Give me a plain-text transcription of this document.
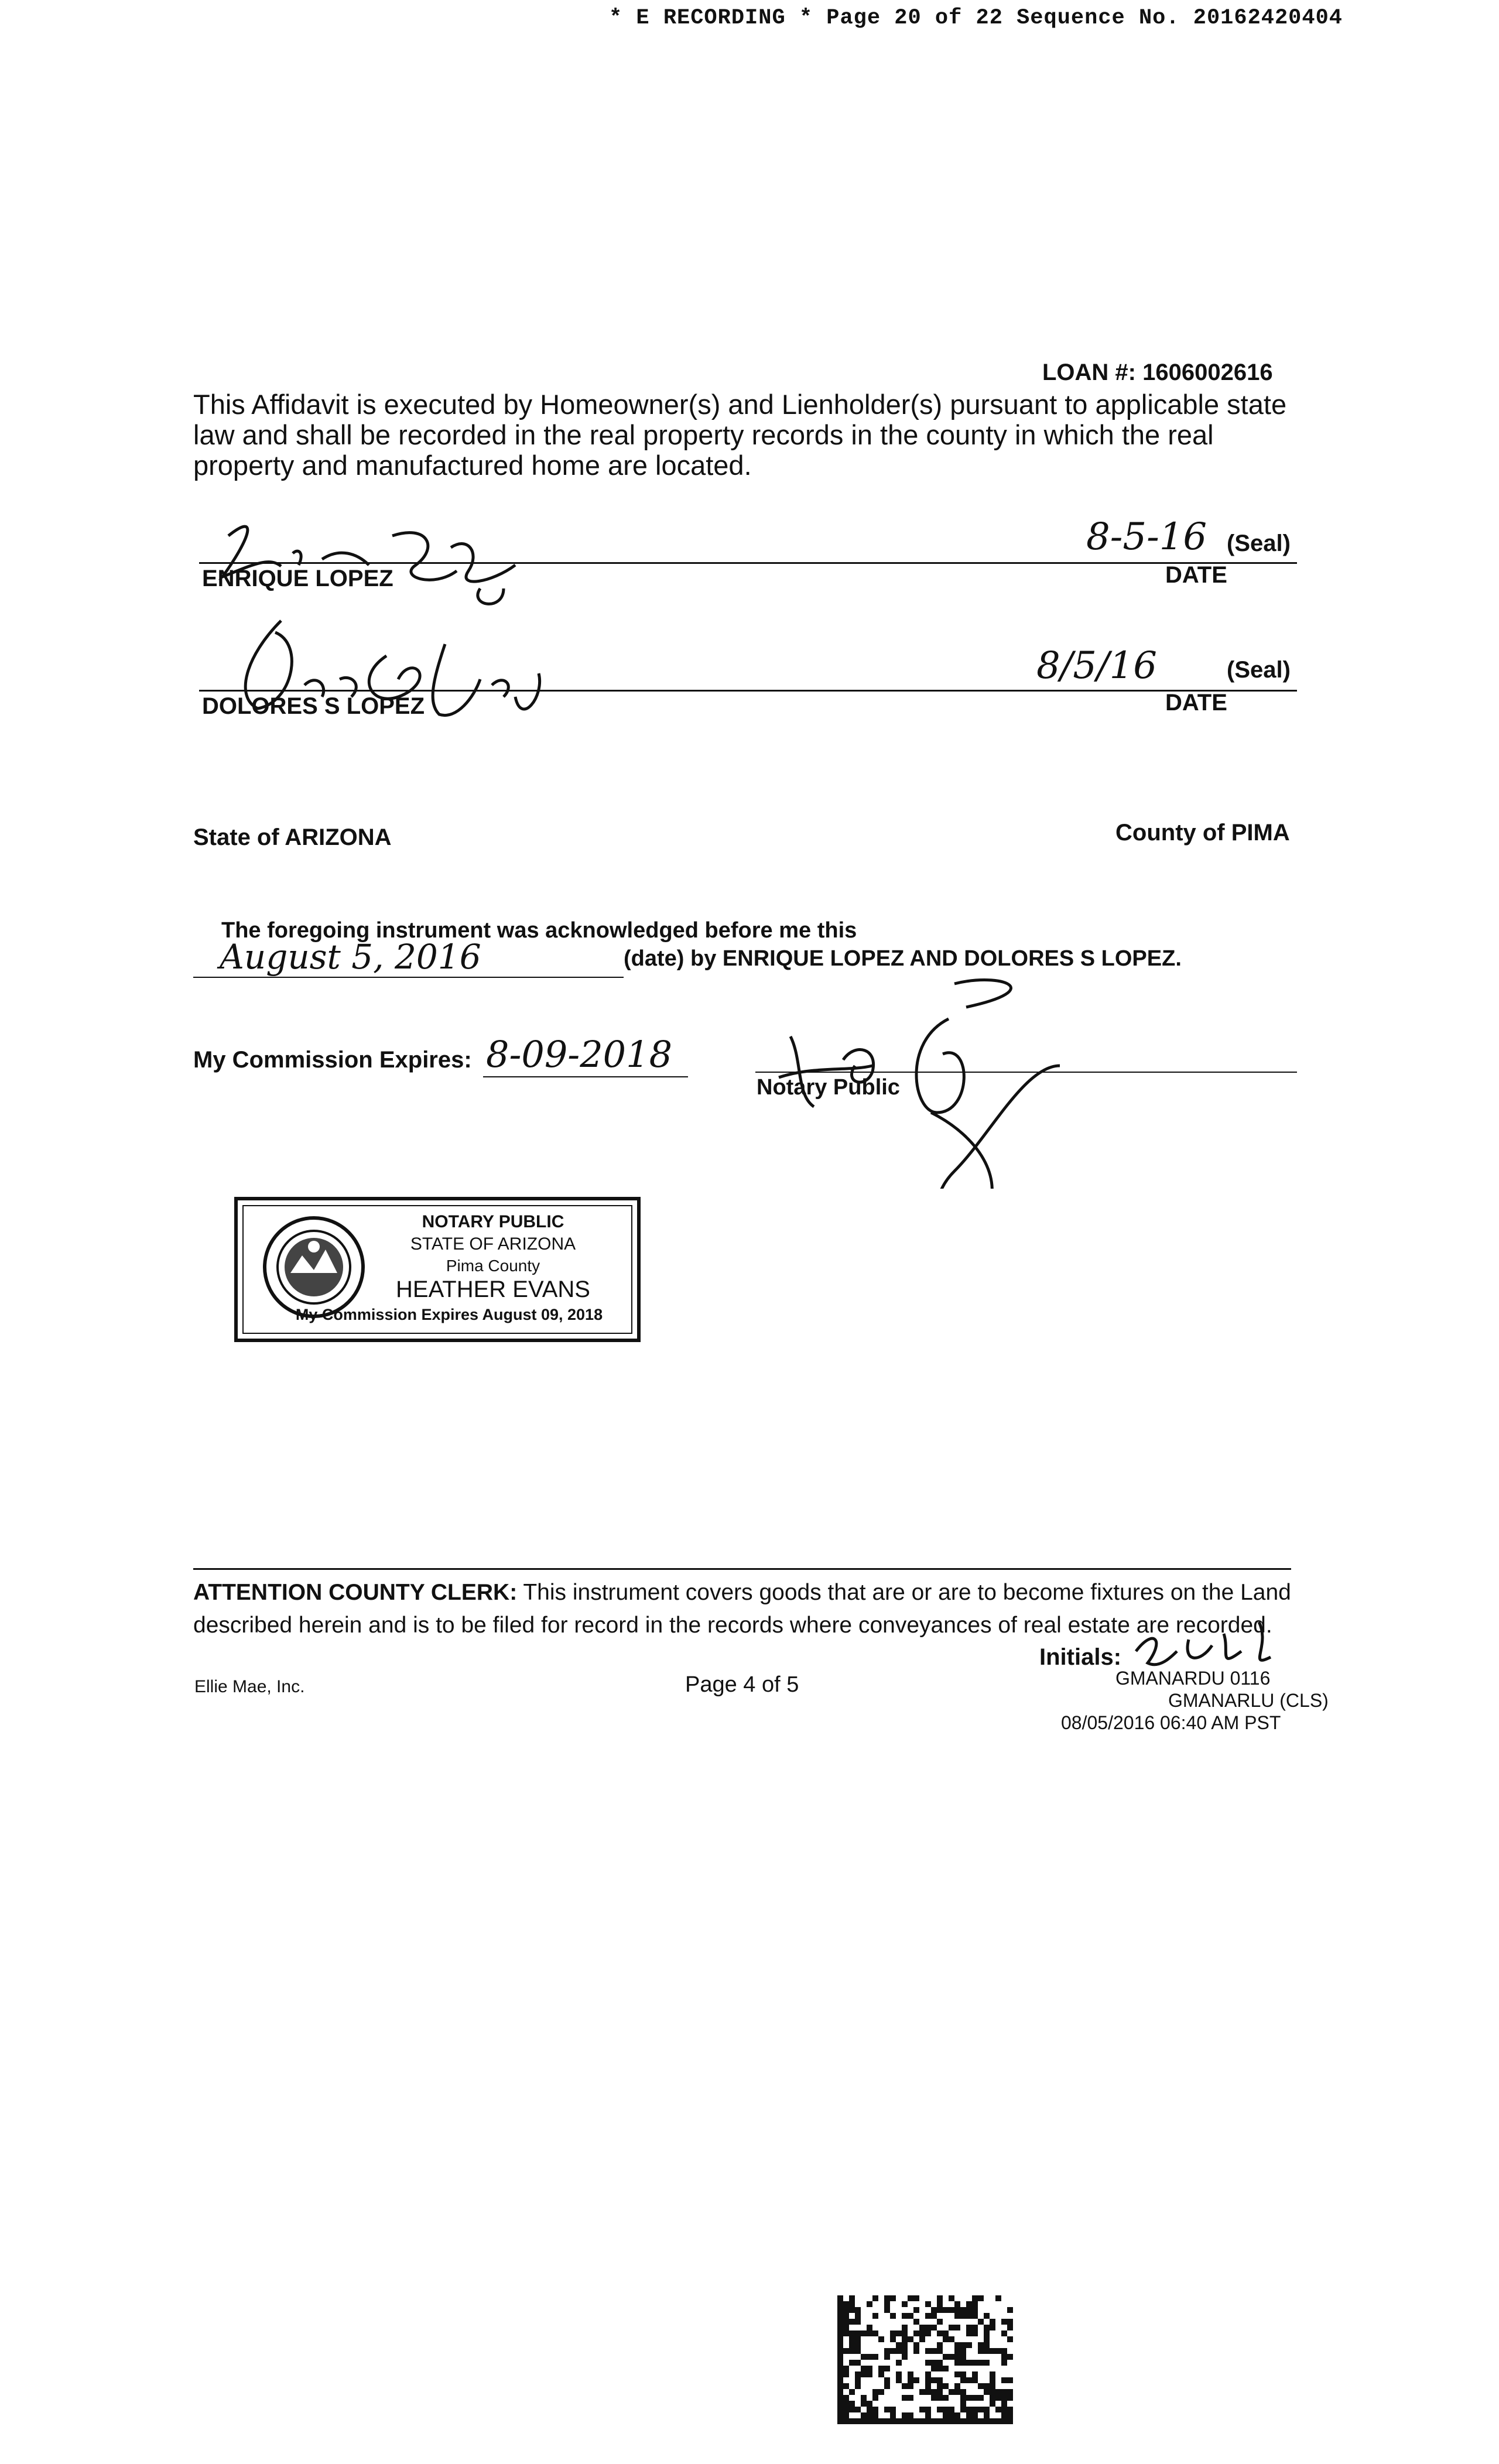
* E RECORDING * Page 20 of 22 Sequence No. 20162420404
LOAN #: 1606002616
This Affidavit is executed by Homeowner(s) and Lienholder(s) pursuant to applicable state law and shall be recorded in the real property records in the county in which the real property and manufactured home are located.
ENRIQUE LOPEZ
8-5-16 (Seal)
DATE
DOLORES S LOPEZ
8/5/16	(Seal)
DATE
State of ARIZONA	County of PIMA
The foregoing instrument was acknowledged before me this
August 5, 2016	(date) by ENRIQUE LOPEZ AND DOLORES S LOPEZ.
My Commission Expires: 8-09-2018
Notary Public
NOTARY PUBLIC
STATE OF ARIZONA
Pima County
HEATHER EVANS
My Commission Expires August 09, 2018
ATTENTION COUNTY CLERK: This instrument covers goods that are or are to become fixtures on the Land described herein and is to be filed for record in the records where conveyances of real estate are recorded.
Initials:
Ellie Mae, Inc.	Page 4 of 5	GMANARDU 0116
GMANARLU (CLS)
08/05/2016 06:40 AM PST
